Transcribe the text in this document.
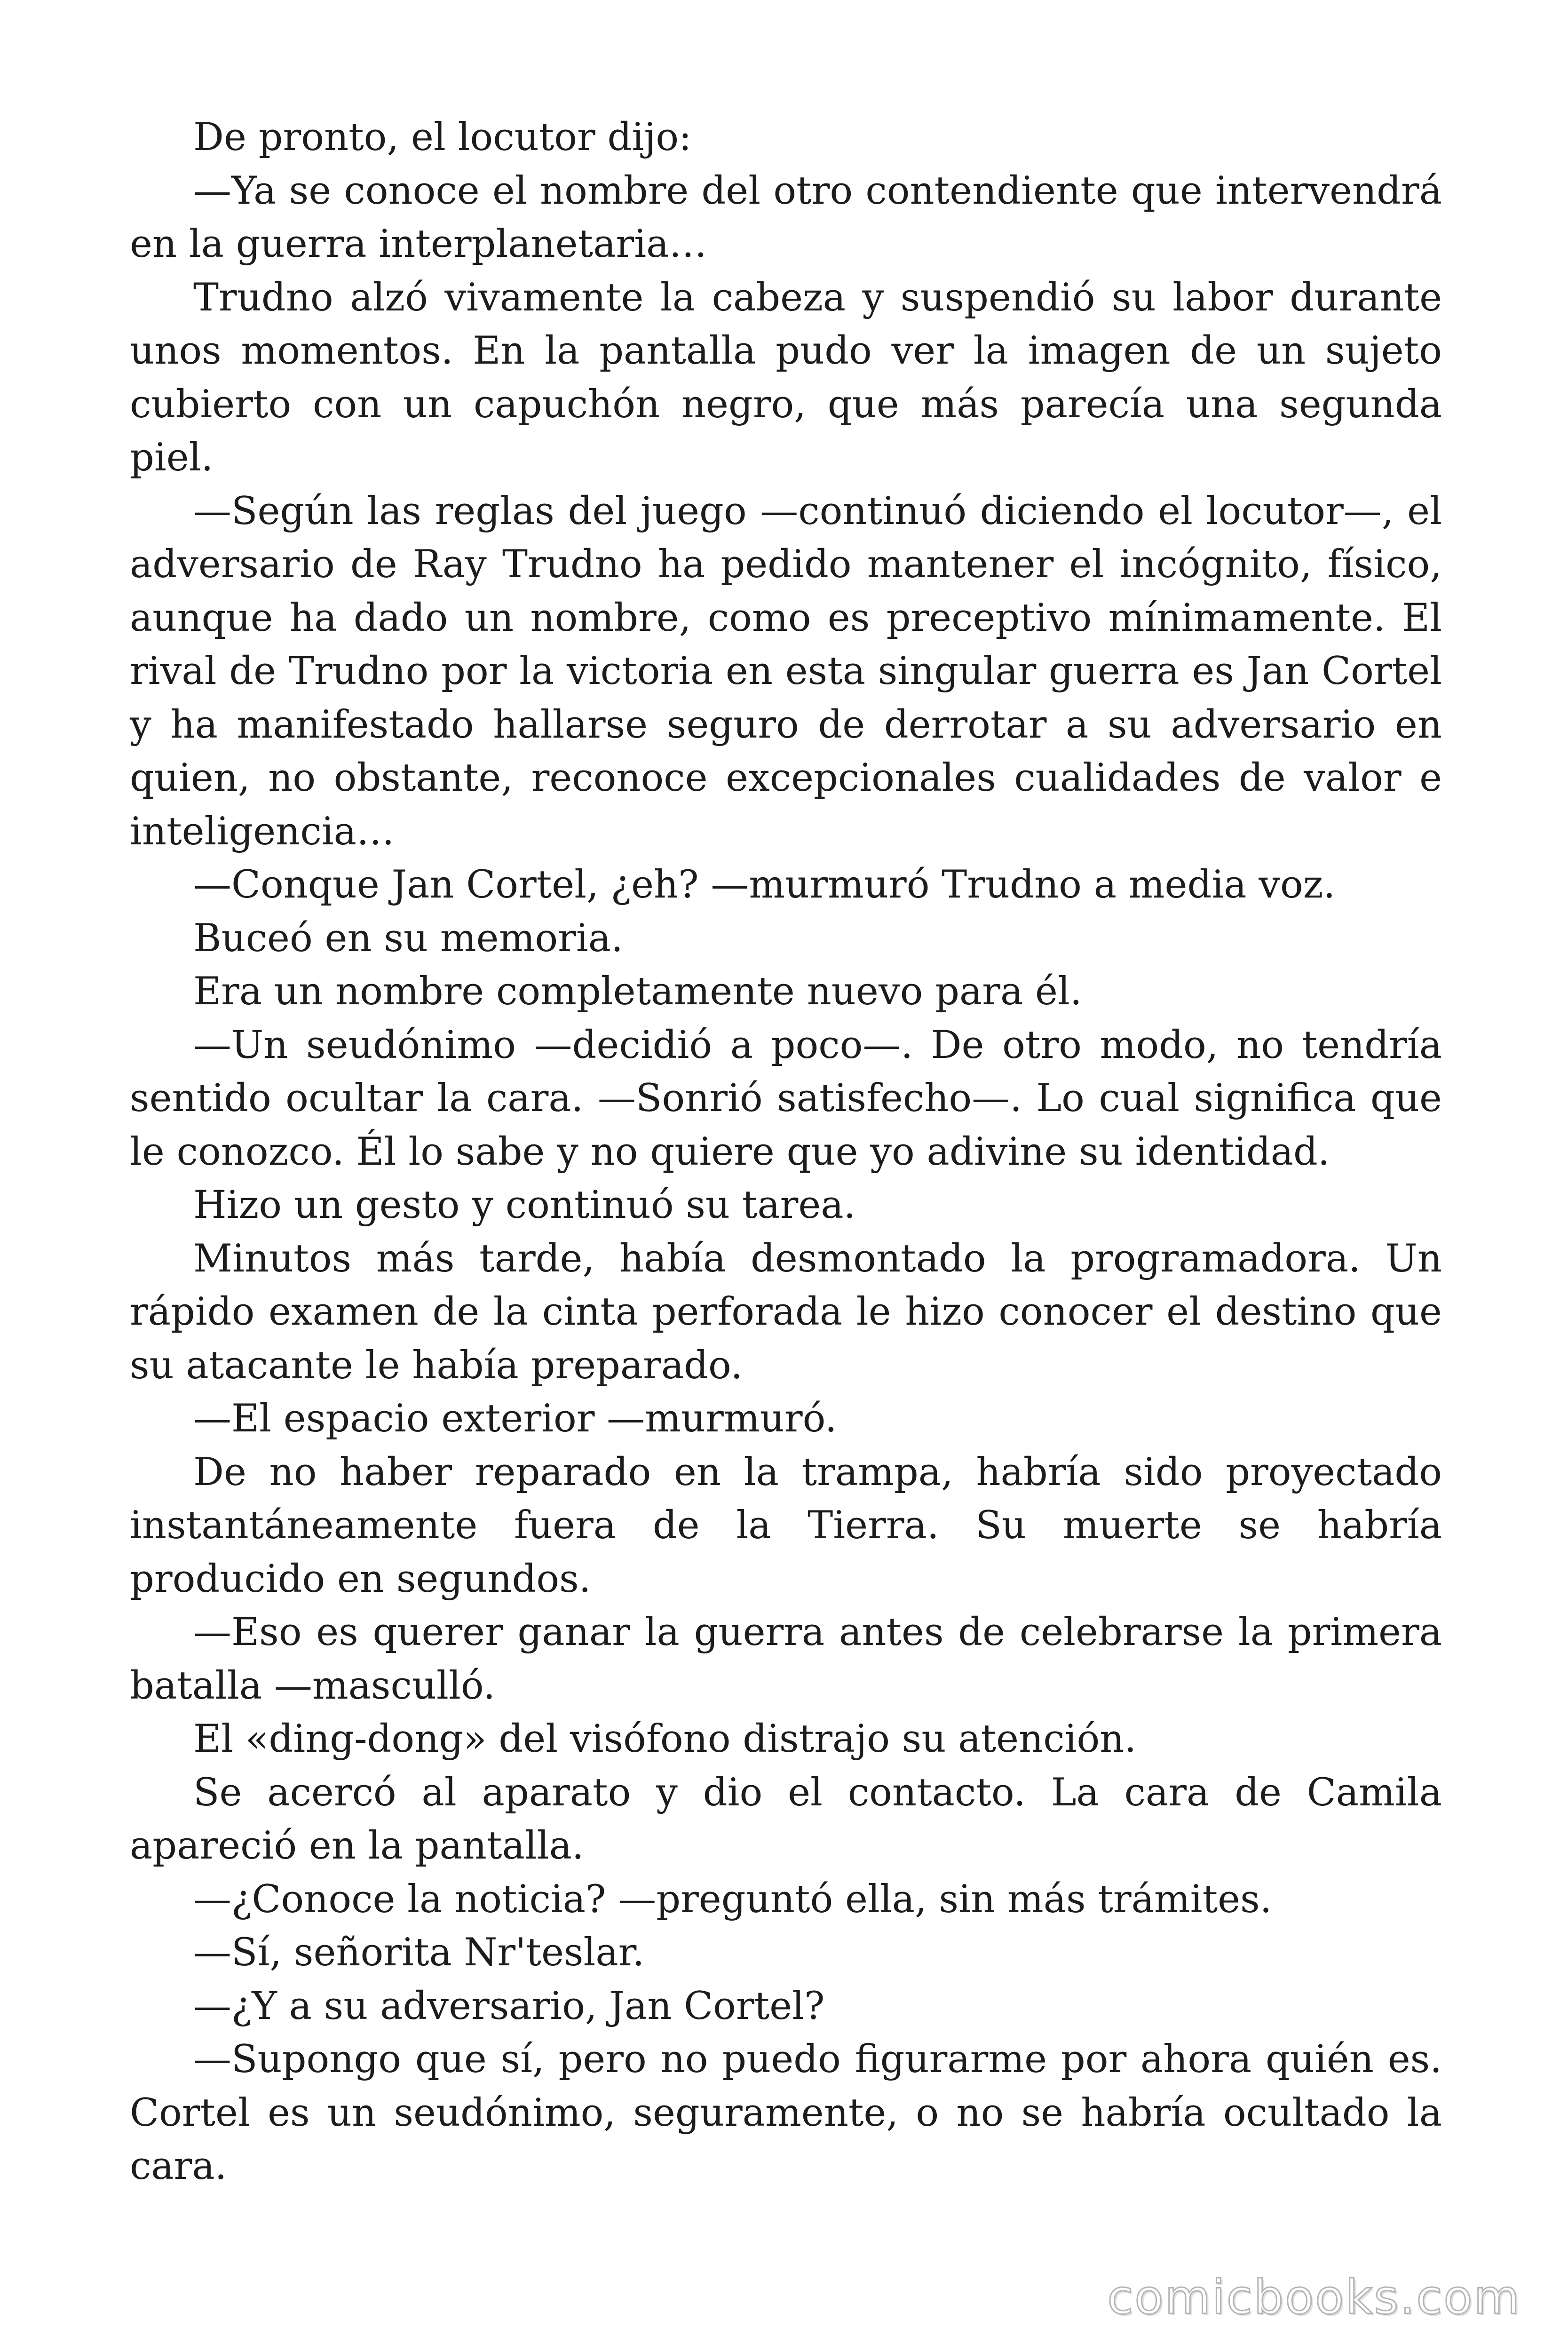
De pronto, el locutor dijo:

—Ya se conoce el nombre del otro contendiente que intervendrá en la guerra interplanetaria…

Trudno alzó vivamente la cabeza y suspendió su labor durante unos momentos. En la pantalla pudo ver la imagen de un sujeto cubierto con un capuchón negro, que más parecía una segunda piel.

—Según las reglas del juego —continuó diciendo el locutor—, el adversario de Ray Trudno ha pedido mantener el incógnito, físico, aunque ha dado un nombre, como es preceptivo mínimamente. El rival de Trudno por la victoria en esta singular guerra es Jan Cortel y ha manifestado hallarse seguro de derrotar a su adversario en quien, no obstante, reconoce excepcionales cualidades de valor e inteligencia…

—Conque Jan Cortel, ¿eh? —murmuró Trudno a media voz.

Buceó en su memoria.

Era un nombre completamente nuevo para él.

—Un seudónimo —decidió a poco—. De otro modo, no tendría sentido ocultar la cara. —Sonrió satisfecho—. Lo cual significa que le conozco. Él lo sabe y no quiere que yo adivine su identidad.

Hizo un gesto y continuó su tarea.

Minutos más tarde, había desmontado la programadora. Un rápido examen de la cinta perforada le hizo conocer el destino que su atacante le había preparado.

—El espacio exterior —murmuró.

De no haber reparado en la trampa, habría sido proyectado instantáneamente fuera de la Tierra. Su muerte se habría producido en segundos.

—Eso es querer ganar la guerra antes de celebrarse la primera batalla —masculló.

El «ding-dong» del visófono distrajo su atención.

Se acercó al aparato y dio el contacto. La cara de Camila apareció en la pantalla.

—¿Conoce la noticia? —preguntó ella, sin más trámites.

—Sí, señorita Nr'teslar.

—¿Y a su adversario, Jan Cortel?

—Supongo que sí, pero no puedo figurarme por ahora quién es. Cortel es un seudónimo, seguramente, o no se habría ocultado la cara.

comicbooks.com
